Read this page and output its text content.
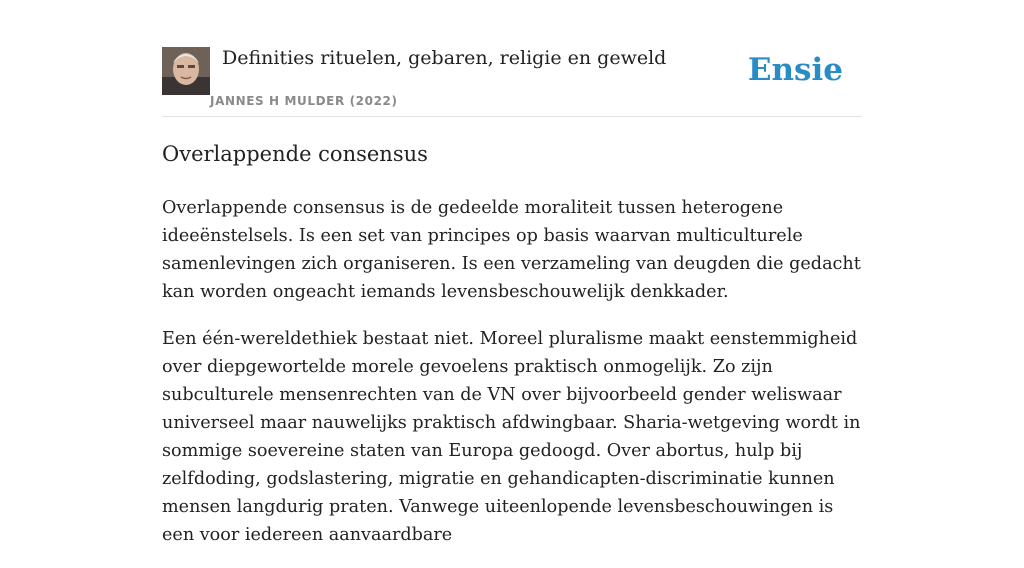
Definities rituelen, gebaren, religie en geweld
JANNES H MULDER (2022)
Ensie
Overlappende consensus

Overlappende consensus is de gedeelde moraliteit tussen heterogene ideeënstelsels. Is een set van principes op basis waarvan multiculturele samenlevingen zich organiseren. Is een verzameling van deugden die gedacht kan worden ongeacht iemands levensbeschouwelijk denkkader.

Een één-wereldethiek bestaat niet. Moreel pluralisme maakt eenstemmigheid over diepgewortelde morele gevoelens praktisch onmogelijk. Zo zijn subculturele mensenrechten van de VN over bijvoorbeeld gender weliswaar universeel maar nauwelijks praktisch afdwingbaar. Sharia-wetgeving wordt in sommige soevereine staten van Europa gedoogd. Over abortus, hulp bij zelfdoding, godslastering, migratie en gehandicapten-discriminatie kunnen mensen langdurig praten. Vanwege uiteenlopende levensbeschouwingen is een voor iedereen aanvaardbare
